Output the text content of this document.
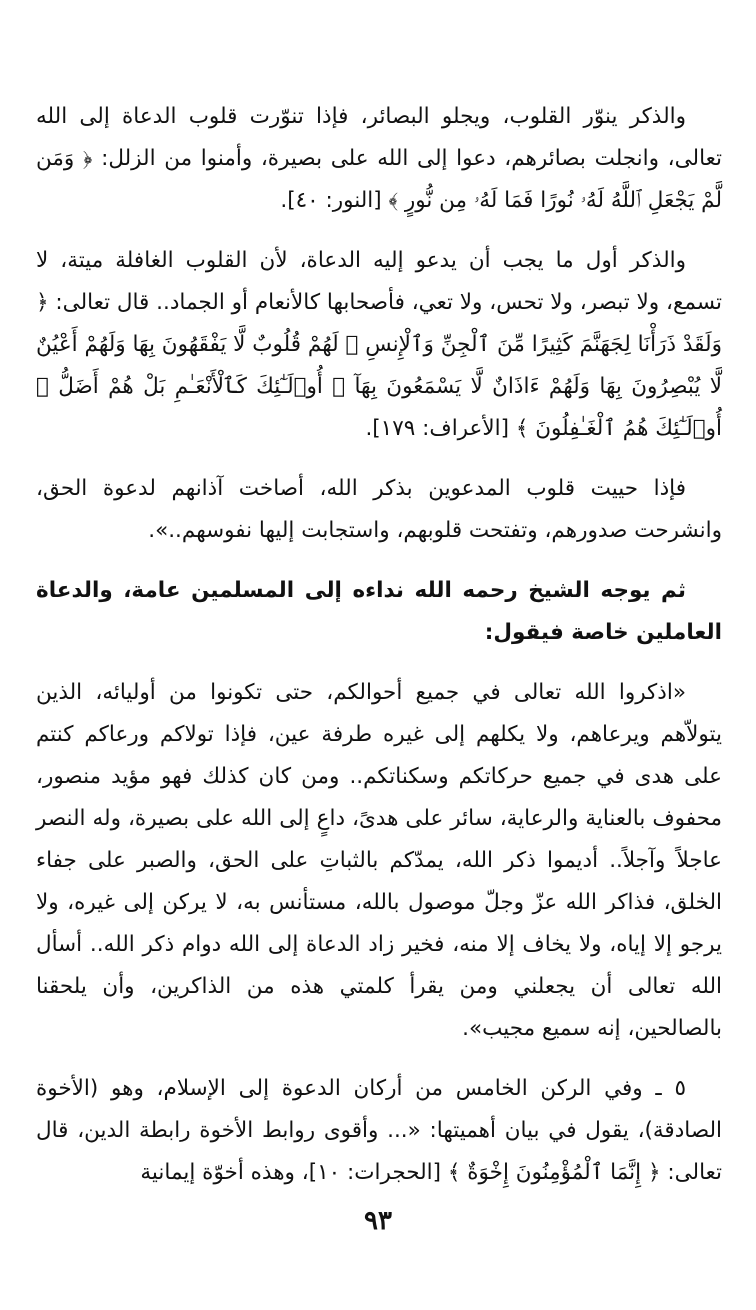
والذكر ينوّر القلوب، ويجلو البصائر، فإذا تنوّرت قلوب الدعاة إلى الله تعالى، وانجلت بصائرهم، دعوا إلى الله على بصيرة، وأمنوا من الزلل: ﴿ وَمَن لَّمْ يَجْعَلِ ٱللَّهُ لَهُۥ نُورًا فَمَا لَهُۥ مِن نُّورٍ ﴾ [النور: ٤٠].

والذكر أول ما يجب أن يدعو إليه الدعاة، لأن القلوب الغافلة ميتة، لا تسمع، ولا تبصر، ولا تحس، ولا تعي، فأصحابها كالأنعام أو الجماد.. قال تعالى: ﴿ وَلَقَدْ ذَرَأْنَا لِجَهَنَّمَ كَثِيرًا مِّنَ ٱلْجِنِّ وَٱلْإِنسِ ۖ لَهُمْ قُلُوبٌ لَّا يَفْقَهُونَ بِهَا وَلَهُمْ أَعْيُنٌ لَّا يُبْصِرُونَ بِهَا وَلَهُمْ ءَاذَانٌ لَّا يَسْمَعُونَ بِهَآ ۚ أُو۟لَـٰٓئِكَ كَٱلْأَنْعَـٰمِ بَلْ هُمْ أَضَلُّ ۚ أُو۟لَـٰٓئِكَ هُمُ ٱلْغَـٰفِلُونَ ﴾ [الأعراف: ١٧٩].

فإذا حييت قلوب المدعوين بذكر الله، أصاخت آذانهم لدعوة الحق، وانشرحت صدورهم، وتفتحت قلوبهم، واستجابت إليها نفوسهم..».

ثم يوجه الشيخ رحمه الله نداءه إلى المسلمين عامة، والدعاة العاملين خاصة فيقول:

«اذكروا الله تعالى في جميع أحوالكم، حتى تكونوا من أوليائه، الذين يتولاّهم ويرعاهم، ولا يكلهم إلى غيره طرفة عين، فإذا تولاكم ورعاكم كنتم على هدى في جميع حركاتكم وسكناتكم.. ومن كان كذلك فهو مؤيد منصور، محفوف بالعناية والرعاية، سائر على هدىً، داعٍ إلى الله على بصيرة، وله النصر عاجلاً وآجلاً.. أديموا ذكر الله، يمدّكم بالثباتِ على الحق، والصبر على جفاء الخلق، فذاكر الله عزّ وجلّ موصول بالله، مستأنس به، لا يركن إلى غيره، ولا يرجو إلا إياه، ولا يخاف إلا منه، فخير زاد الدعاة إلى الله دوام ذكر الله.. أسأل الله تعالى أن يجعلني ومن يقرأ كلمتي هذه من الذاكرين، وأن يلحقنا بالصالحين، إنه سميع مجيب».

٥ ـ وفي الركن الخامس من أركان الدعوة إلى الإسلام، وهو (الأخوة الصادقة)، يقول في بيان أهميتها: «... وأقوى روابط الأخوة رابطة الدين، قال تعالى: ﴿ إِنَّمَا ٱلْمُؤْمِنُونَ إِخْوَةٌ ﴾ [الحجرات: ١٠]، وهذه أخوّة إيمانية

٩٣
